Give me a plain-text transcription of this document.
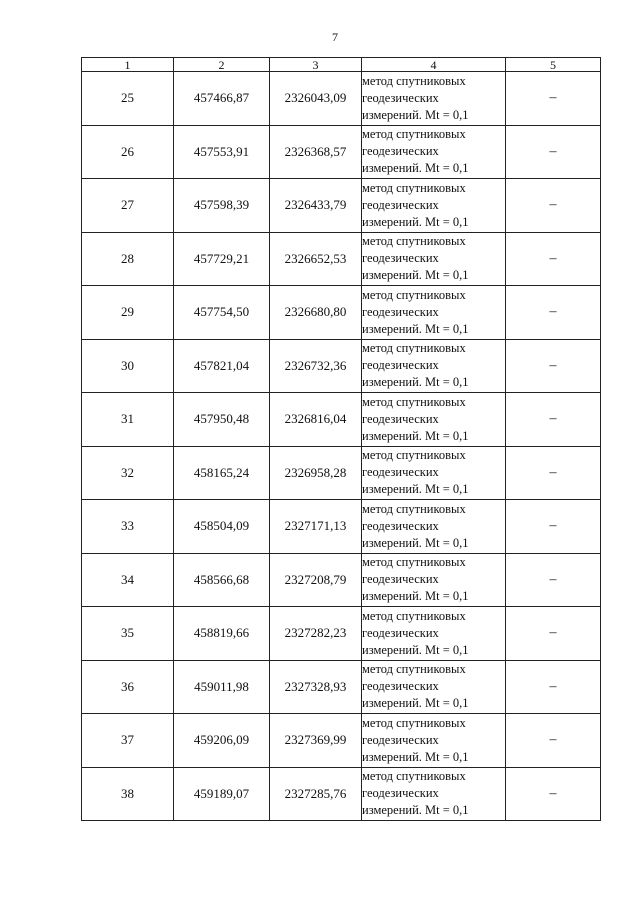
7
1	2	3	4	5
25	457466,87	2326043,09	метод спутниковых
геодезических
измерений. Mt = 0,1	–
26	457553,91	2326368,57	метод спутниковых
геодезических
измерений. Mt = 0,1	–
27	457598,39	2326433,79	метод спутниковых
геодезических
измерений. Mt = 0,1	–
28	457729,21	2326652,53	метод спутниковых
геодезических
измерений. Mt = 0,1	–
29	457754,50	2326680,80	метод спутниковых
геодезических
измерений. Mt = 0,1	–
30	457821,04	2326732,36	метод спутниковых
геодезических
измерений. Mt = 0,1	–
31	457950,48	2326816,04	метод спутниковых
геодезических
измерений. Mt = 0,1	–
32	458165,24	2326958,28	метод спутниковых
геодезических
измерений. Mt = 0,1	–
33	458504,09	2327171,13	метод спутниковых
геодезических
измерений. Mt = 0,1	–
34	458566,68	2327208,79	метод спутниковых
геодезических
измерений. Mt = 0,1	–
35	458819,66	2327282,23	метод спутниковых
геодезических
измерений. Mt = 0,1	–
36	459011,98	2327328,93	метод спутниковых
геодезических
измерений. Mt = 0,1	–
37	459206,09	2327369,99	метод спутниковых
геодезических
измерений. Mt = 0,1	–
38	459189,07	2327285,76	метод спутниковых
геодезических
измерений. Mt = 0,1	–
